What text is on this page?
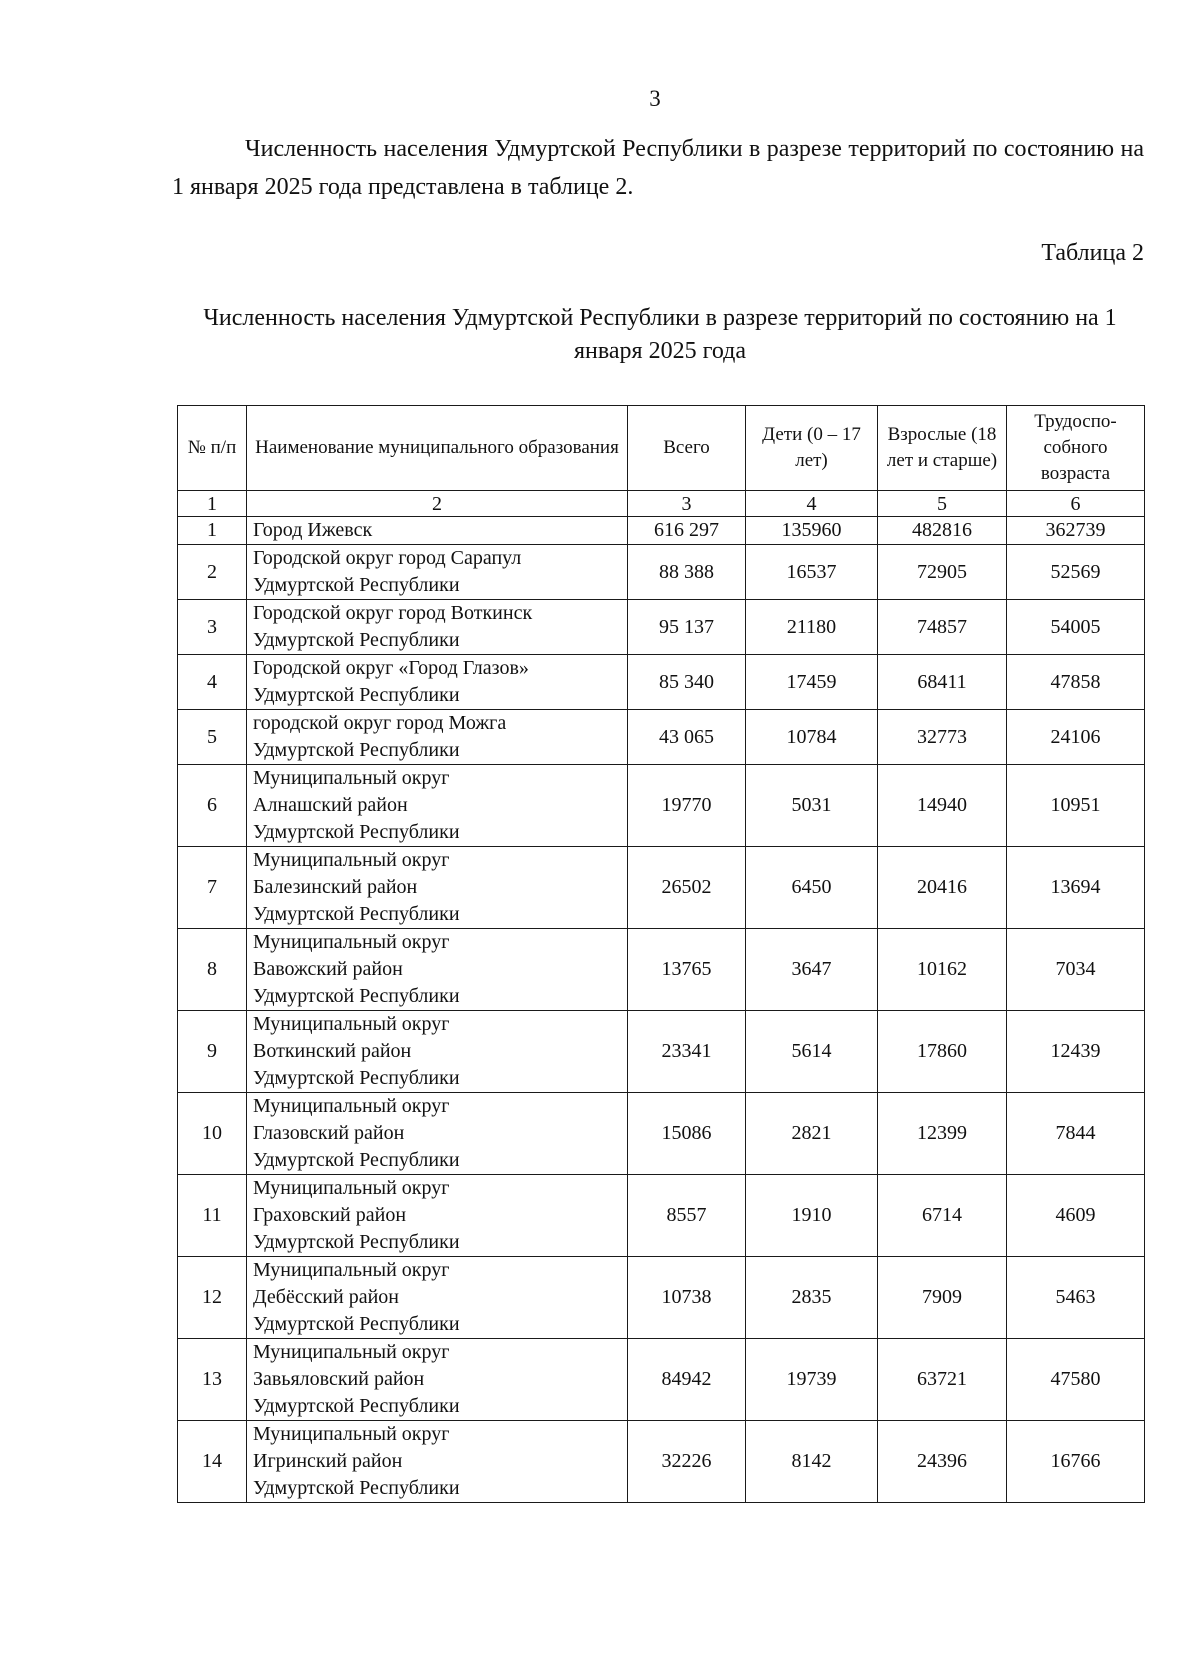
3
Численность населения Удмуртской Республики в разрезе территорий по состоянию на 1 января 2025 года представлена в таблице 2.
Таблица 2
Численность населения Удмуртской Республики в разрезе территорий по состоянию на 1 января 2025 года
№ п/п	Наименование муниципального образования	Всего	Дети (0 – 17 лет)	Взрослые (18 лет и старше)	Трудоспо-собного возраста
1	2	3	4	5	6
1	Город Ижевск	616 297	135960	482816	362739
2	Городской округ город Сарапул
Удмуртской Республики	88 388	16537	72905	52569
3	Городской округ город Воткинск
Удмуртской Республики	95 137	21180	74857	54005
4	Городской округ «Город Глазов»
Удмуртской Республики	85 340	17459	68411	47858
5	городской округ город Можга
Удмуртской Республики	43 065	10784	32773	24106
6	Муниципальный округ
Алнашский район
Удмуртской Республики	19770	5031	14940	10951
7	Муниципальный округ
Балезинский район
Удмуртской Республики	26502	6450	20416	13694
8	Муниципальный округ
Вавожский район
Удмуртской Республики	13765	3647	10162	7034
9	Муниципальный округ
Воткинский район
Удмуртской Республики	23341	5614	17860	12439
10	Муниципальный округ
Глазовский район
Удмуртской Республики	15086	2821	12399	7844
11	Муниципальный округ
Граховский район
Удмуртской Республики	8557	1910	6714	4609
12	Муниципальный округ
Дебёсский район
Удмуртской Республики	10738	2835	7909	5463
13	Муниципальный округ
Завьяловский район
Удмуртской Республики	84942	19739	63721	47580
14	Муниципальный округ
Игринский район
Удмуртской Республики	32226	8142	24396	16766
